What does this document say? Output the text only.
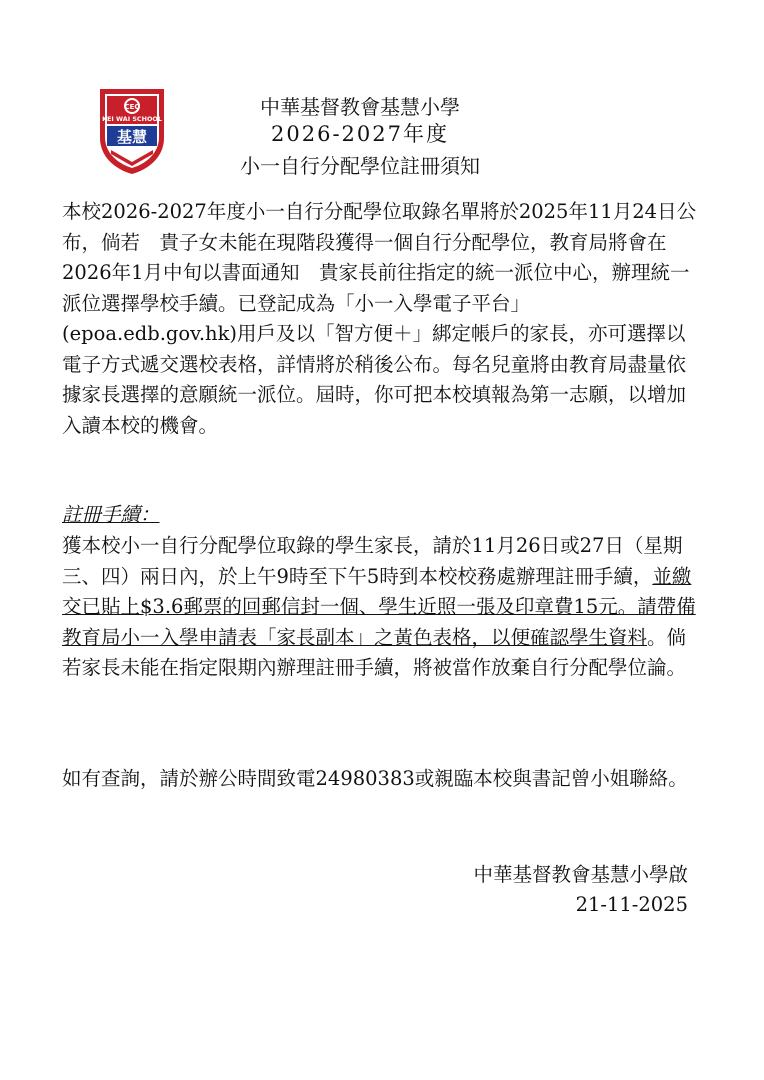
CEC
KEI WAI SCHOOL
基慧
中華基督教會基慧小學
2026-2027年度
小一自行分配學位註冊須知
本校2026-2027年度小一自行分配學位取錄名單將於2025年11月24日公布，倘若　貴子女未能在現階段獲得一個自行分配學位，教育局將會在2026年1月中旬以書面通知　貴家長前往指定的統一派位中心，辦理統一派位選擇學校手續。已登記成為「小一入學電子平台」(epoa.edb.gov.hk)用戶及以「智方便＋」綁定帳戶的家長，亦可選擇以電子方式遞交選校表格，詳情將於稍後公布。每名兒童將由教育局盡量依據家長選擇的意願統一派位。屆時，你可把本校填報為第一志願，以增加入讀本校的機會。
註冊手續：
獲本校小一自行分配學位取錄的學生家長，請於11月26日或27日（星期三、四）兩日內，於上午9時至下午5時到本校校務處辦理註冊手續，並繳交已貼上$3.6郵票的回郵信封一個、學生近照一張及印章費15元。請帶備教育局小一入學申請表「家長副本」之黃色表格，以便確認學生資料。倘若家長未能在指定限期內辦理註冊手續，將被當作放棄自行分配學位論。
如有查詢，請於辦公時間致電24980383或親臨本校與書記曾小姐聯絡。
中華基督教會基慧小學啟
21-11-2025
